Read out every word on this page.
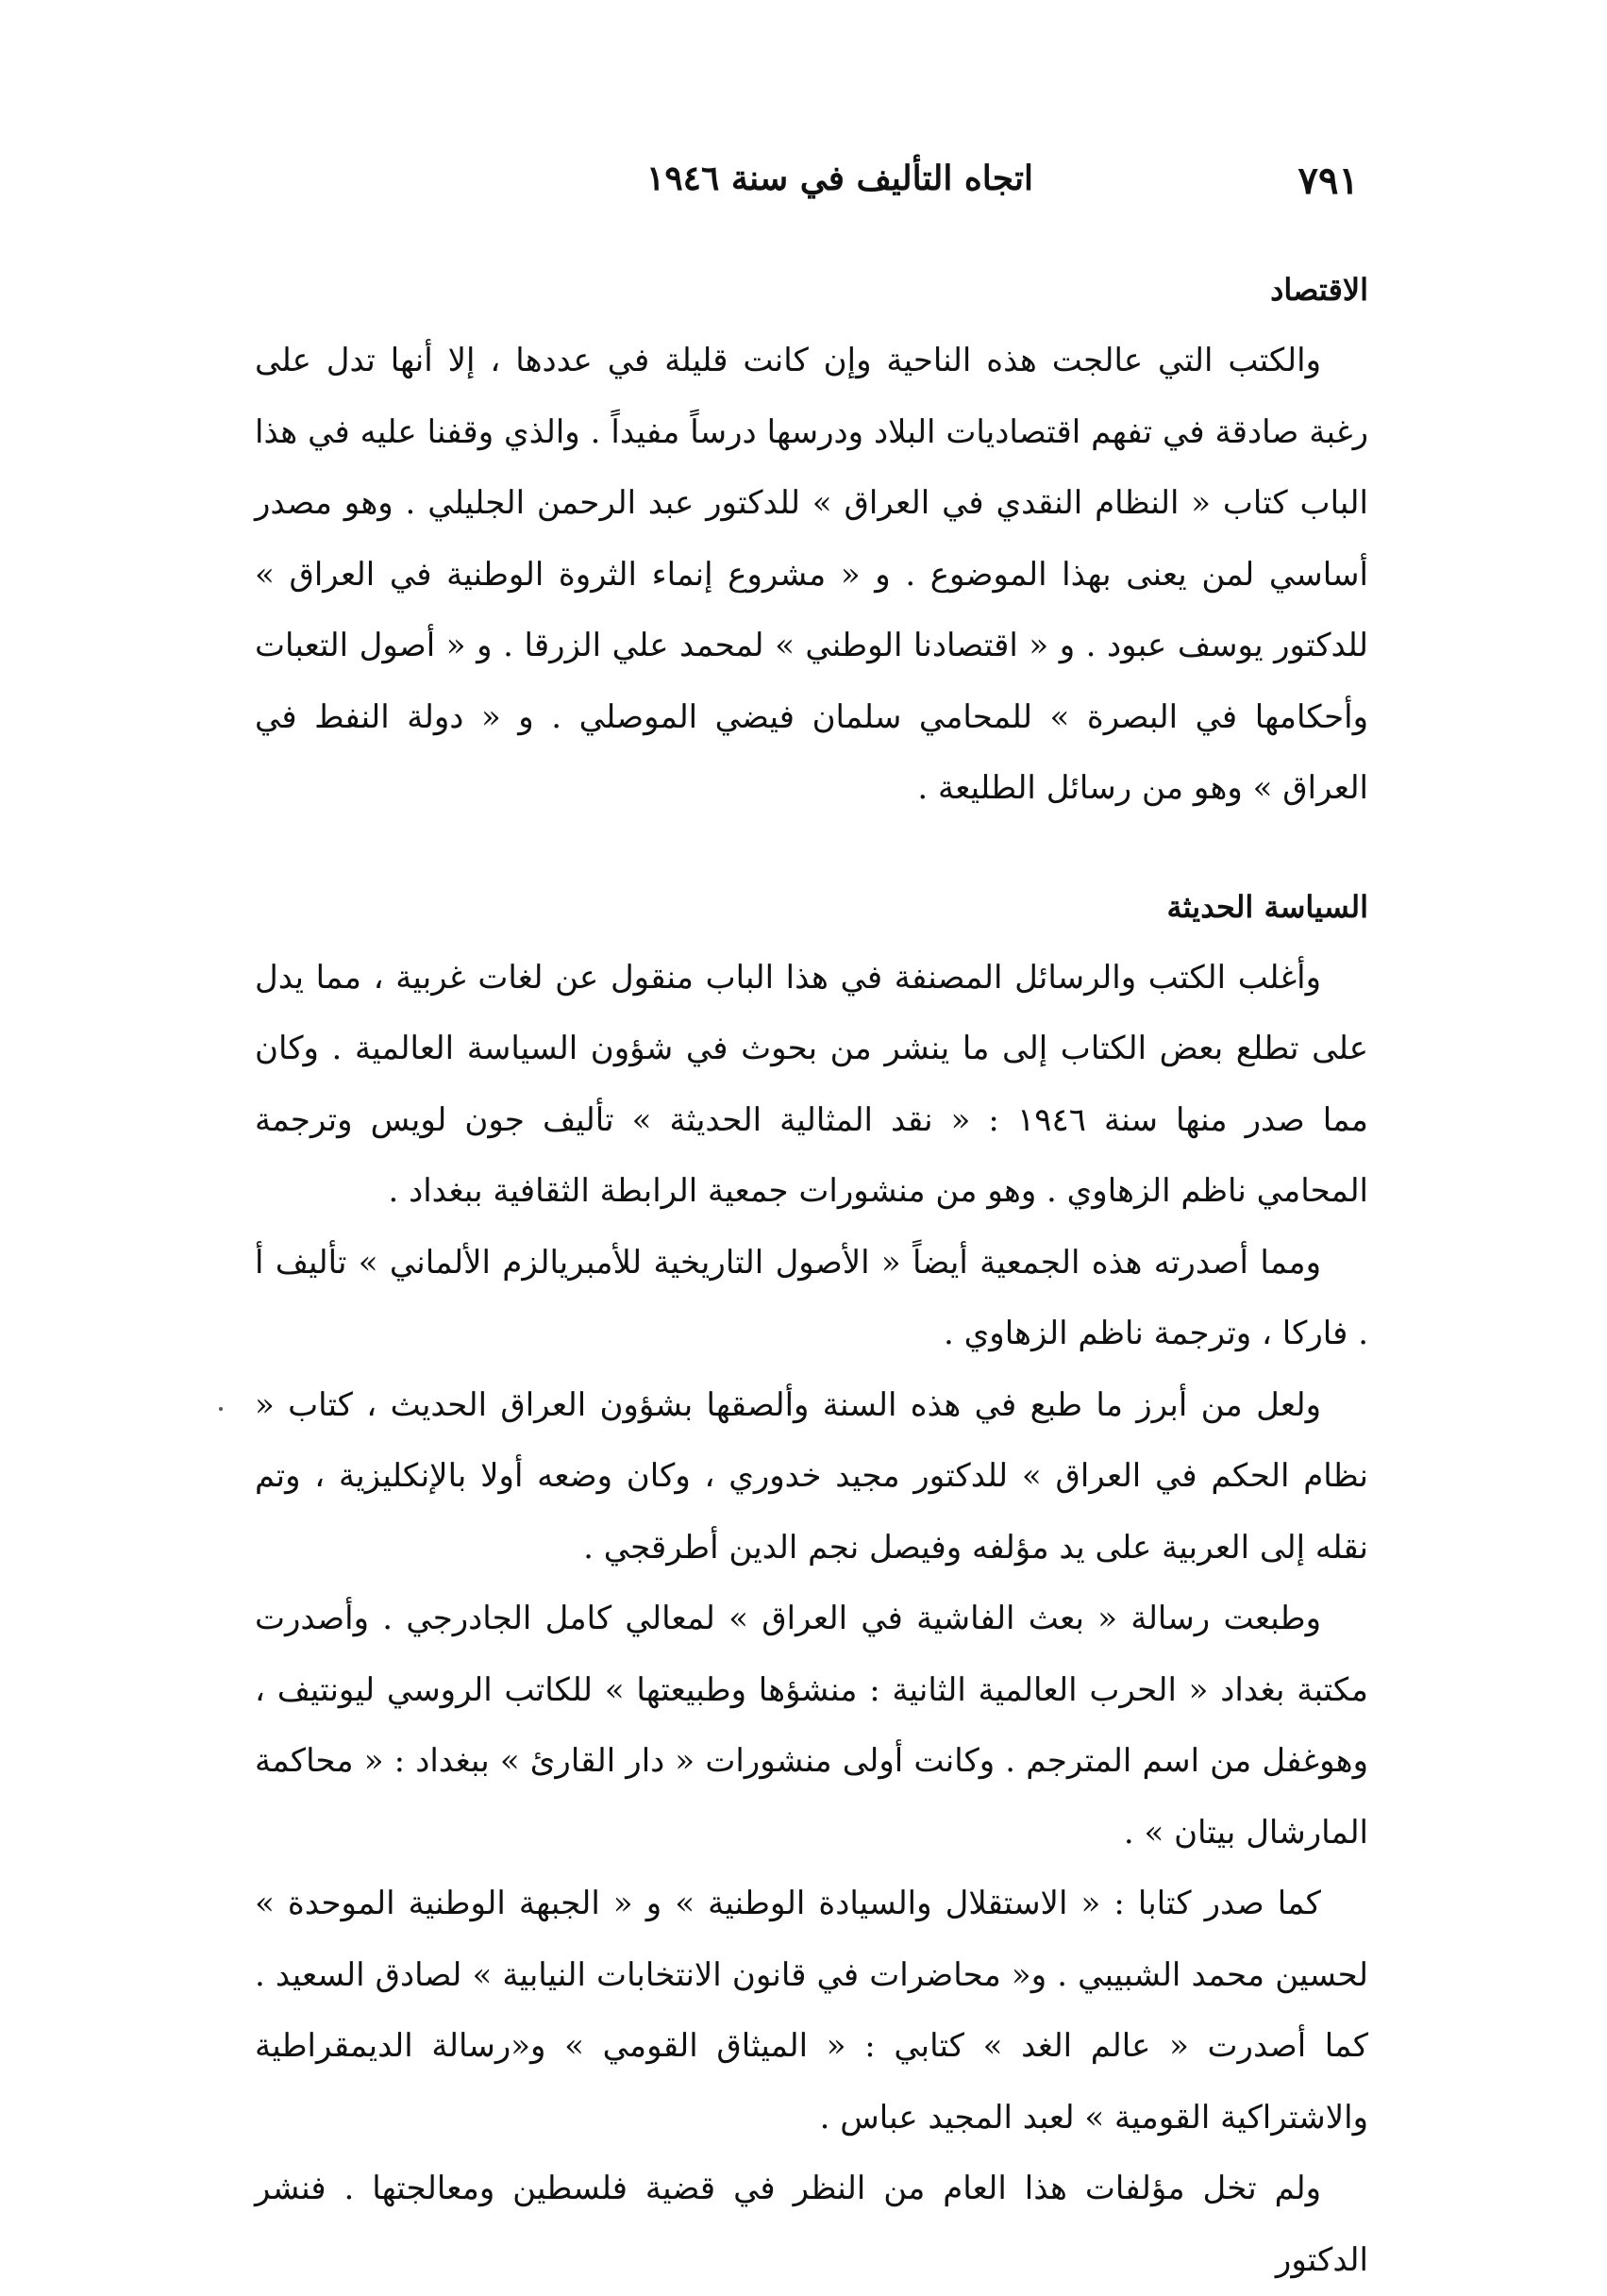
٧٩١
اتجاه التأليف في سنة ١٩٤٦
الاقتصاد

والكتب التي عالجت هذه الناحية وإن كانت قليلة في عددها ، إلا أنها تدل على رغبة صادقة في تفهم اقتصاديات البلاد ودرسها درساً مفيداً . والذي وقفنا عليه في هذا الباب كتاب « النظام النقدي في العراق » للدكتور عبد الرحمن الجليلي . وهو مصدر أساسي لمن يعنى بهذا الموضوع . و « مشروع إنماء الثروة الوطنية في العراق » للدكتور يوسف عبود . و « اقتصادنا الوطني » لمحمد علي الزرقا . و « أصول التعبات وأحكامها في البصرة » للمحامي سلمان فيضي الموصلي . و « دولة النفط في العراق » وهو من رسائل الطليعة .

السياسة الحديثة

وأغلب الكتب والرسائل المصنفة في هذا الباب منقول عن لغات غربية ، مما يدل على تطلع بعض الكتاب إلى ما ينشر من بحوث في شؤون السياسة العالمية . وكان مما صدر منها سنة ١٩٤٦ : « نقد المثالية الحديثة » تأليف جون لويس وترجمة المحامي ناظم الزهاوي . وهو من منشورات جمعية الرابطة الثقافية ببغداد .

ومما أصدرته هذه الجمعية أيضاً « الأصول التاريخية للأمبريالزم الألماني » تأليف أ . فاركا ، وترجمة ناظم الزهاوي .

ولعل من أبرز ما طبع في هذه السنة وألصقها بشؤون العراق الحديث ، كتاب « نظام الحكم في العراق » للدكتور مجيد خدوري ، وكان وضعه أولا بالإنكليزية ، وتم نقله إلى العربية على يد مؤلفه وفيصل نجم الدين أطرقجي .

وطبعت رسالة « بعث الفاشية في العراق » لمعالي كامل الجادرجي . وأصدرت مكتبة بغداد « الحرب العالمية الثانية : منشؤها وطبيعتها » للكاتب الروسي ليونتيف ، وهوغفل من اسم المترجم . وكانت أولى منشورات « دار القارئ » ببغداد : « محاكمة المارشال بيتان » .

كما صدر كتابا : « الاستقلال والسيادة الوطنية » و « الجبهة الوطنية الموحدة » لحسين محمد الشبيبي . و« محاضرات في قانون الانتخابات النيابية » لصادق السعيد . كما أصدرت « عالم الغد » كتابي : « الميثاق القومي » و«رسالة الديمقراطية والاشتراكية القومية » لعبد المجيد عباس .

ولم تخل مؤلفات هذا العام من النظر في قضية فلسطين ومعالجتها . فنشر الدكتور
